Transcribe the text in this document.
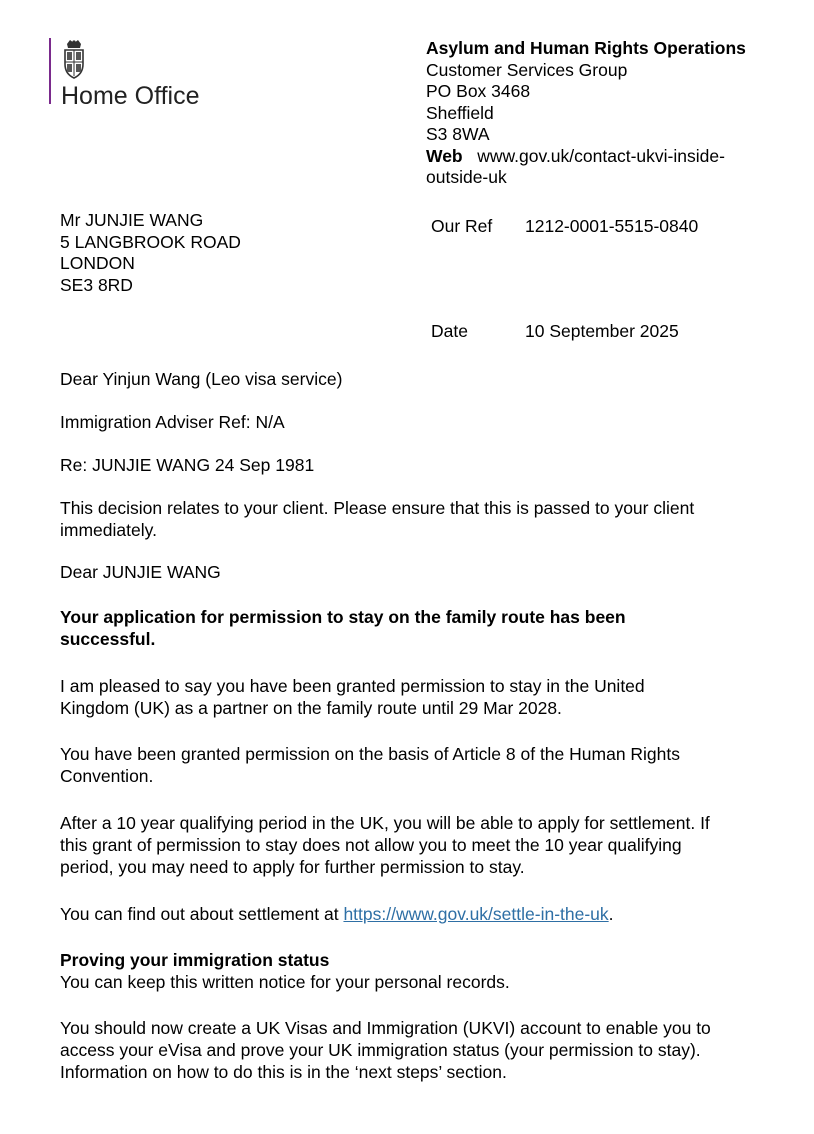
Home Office
Asylum and Human Rights Operations
Customer Services Group
PO Box 3468
Sheffield
S3 8WA
Web www.gov.uk/contact-ukvi-inside-
outside-uk
Mr JUNJIE WANG
5 LANGBROOK ROAD
LONDON
SE3 8RD
Our Ref 1212-0001-5515-0840
Date	10 September 2025
Dear Yinjun Wang (Leo visa service)
Immigration Adviser Ref: N/A
Re: JUNJIE WANG 24 Sep 1981

This decision relates to your client. Please ensure that this is passed to your client

immediately.

Dear JUNJIE WANG

Your application for permission to stay on the family route has been

successful.

I am pleased to say you have been granted permission to stay in the United

Kingdom (UK) as a partner on the family route until 29 Mar 2028.

You have been granted permission on the basis of Article 8 of the Human Rights

Convention.

After a 10 year qualifying period in the UK, you will be able to apply for settlement. If

this grant of permission to stay does not allow you to meet the 10 year qualifying

period, you may need to apply for further permission to stay.

You can find out about settlement at https://www.gov.uk/settle-in-the-uk.
Proving your immigration status
You can keep this written notice for your personal records.

You should now create a UK Visas and Immigration (UKVI) account to enable you to

access your eVisa and prove your UK immigration status (your permission to stay).

Information on how to do this is in the ‘next steps’ section.
